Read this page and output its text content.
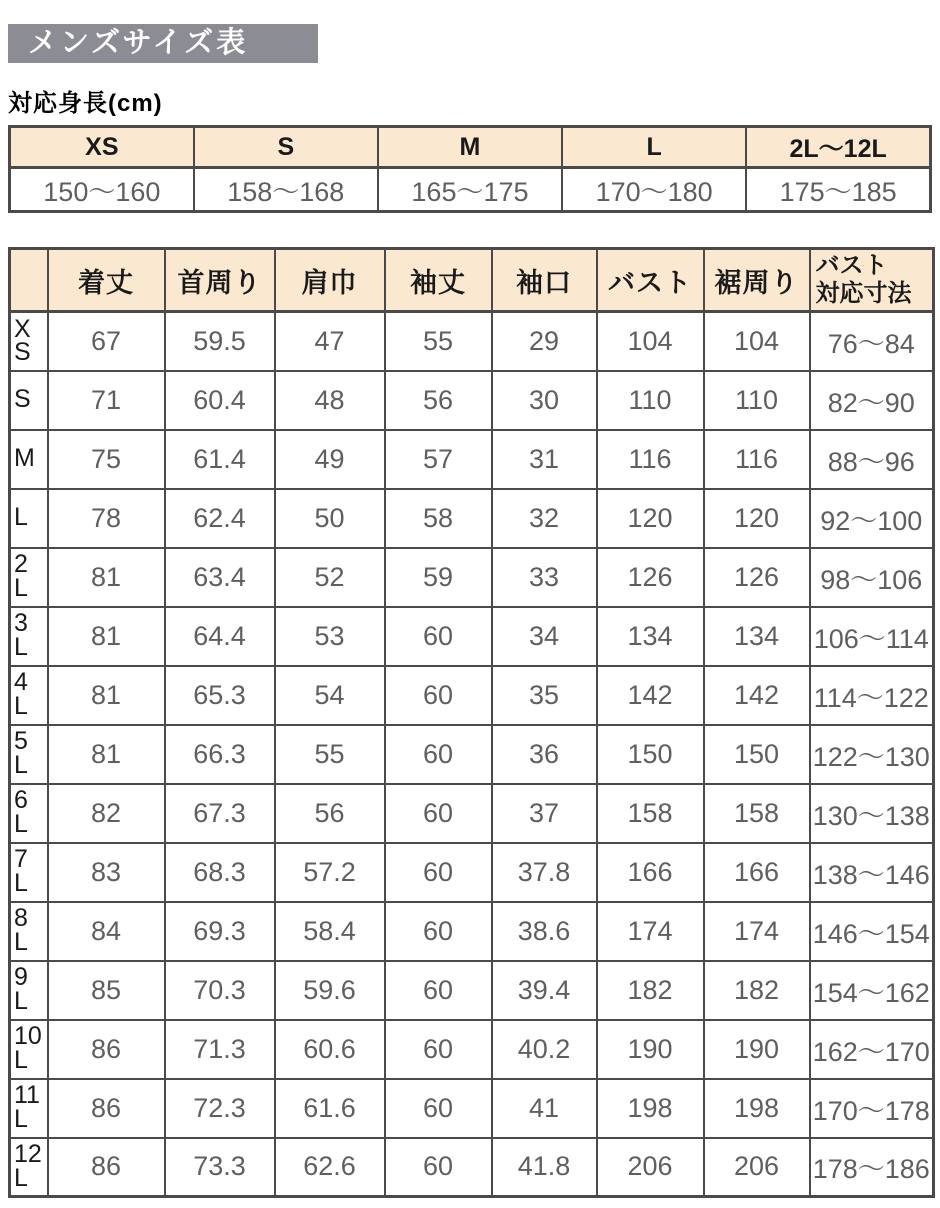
メンズサイズ表
対応身長(cm)
XS	S	M	L	2L〜12L
150〜160	158〜168	165〜175	170〜180	175〜185
	着丈	首周り	肩巾	袖丈	袖口	バスト	裾周り	バスト
対応寸法
X
S	67	59.5	47	55	29	104	104	76〜84
S	71	60.4	48	56	30	110	110	82〜90
M	75	61.4	49	57	31	116	116	88〜96
L	78	62.4	50	58	32	120	120	92〜100
2
L	81	63.4	52	59	33	126	126	98〜106
3
L	81	64.4	53	60	34	134	134	106〜114
4
L	81	65.3	54	60	35	142	142	114〜122
5
L	81	66.3	55	60	36	150	150	122〜130
6
L	82	67.3	56	60	37	158	158	130〜138
7
L	83	68.3	57.2	60	37.8	166	166	138〜146
8
L	84	69.3	58.4	60	38.6	174	174	146〜154
9
L	85	70.3	59.6	60	39.4	182	182	154〜162
10
L	86	71.3	60.6	60	40.2	190	190	162〜170
11
L	86	72.3	61.6	60	41	198	198	170〜178
12
L	86	73.3	62.6	60	41.8	206	206	178〜186
